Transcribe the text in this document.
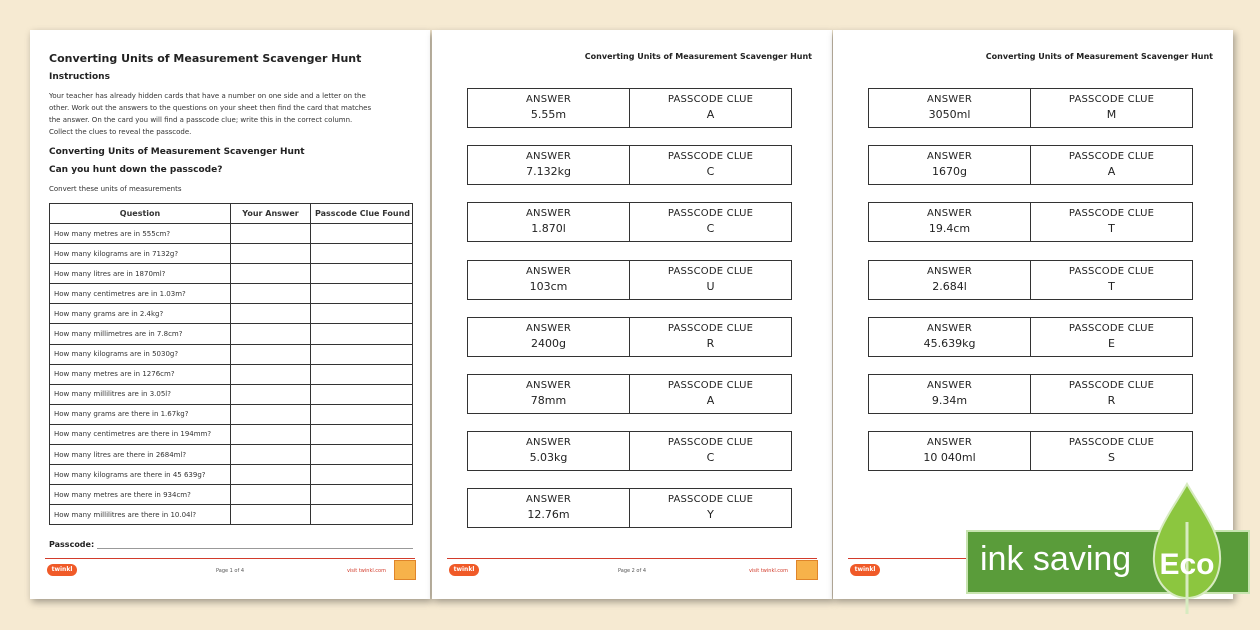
Converting Units of Measurement Scavenger Hunt
Instructions
Your teacher has already hidden cards that have a number on one side and a letter on the
other. Work out the answers to the questions on your sheet then find the card that matches
the answer. On the card you will find a passcode clue; write this in the correct column.
Collect the clues to reveal the passcode.
Converting Units of Measurement Scavenger Hunt
Can you hunt down the passcode?
Convert these units of measurements
Question	Your Answer	Passcode Clue Found
How many metres are in 555cm?		
How many kilograms are in 7132g?		
How many litres are in 1870ml?		
How many centimetres are in 1.03m?		
How many grams are in 2.4kg?		
How many millimetres are in 7.8cm?		
How many kilograms are in 5030g?		
How many metres are in 1276cm?		
How many millilitres are in 3.05l?		
How many grams are there in 1.67kg?		
How many centimetres are there in 194mm?		
How many litres are there in 2684ml?		
How many kilograms are there in 45 639g?		
How many metres are there in 934cm?		
How many millilitres are there in 10.04l?		
Passcode:
twinkl	Page 1 of 4	visit twinkl.com
Converting Units of Measurement Scavenger Hunt
ANSWER
5.55m
PASSCODE CLUE
A
ANSWER
7.132kg
PASSCODE CLUE
C
ANSWER
1.870l
PASSCODE CLUE
C
ANSWER
103cm
PASSCODE CLUE
U
ANSWER
2400g
PASSCODE CLUE
R
ANSWER
78mm
PASSCODE CLUE
A
ANSWER
5.03kg
PASSCODE CLUE
C
ANSWER
12.76m
PASSCODE CLUE
Y
twinkl	Page 2 of 4	visit twinkl.com
Converting Units of Measurement Scavenger Hunt
ANSWER
3050ml
PASSCODE CLUE
M
ANSWER
1670g
PASSCODE CLUE
A
ANSWER
19.4cm
PASSCODE CLUE
T
ANSWER
2.684l
PASSCODE CLUE
T
ANSWER
45.639kg
PASSCODE CLUE
E
ANSWER
9.34m
PASSCODE CLUE
R
ANSWER
10 040ml
PASSCODE CLUE
S
twinkl	ink saving Eco
